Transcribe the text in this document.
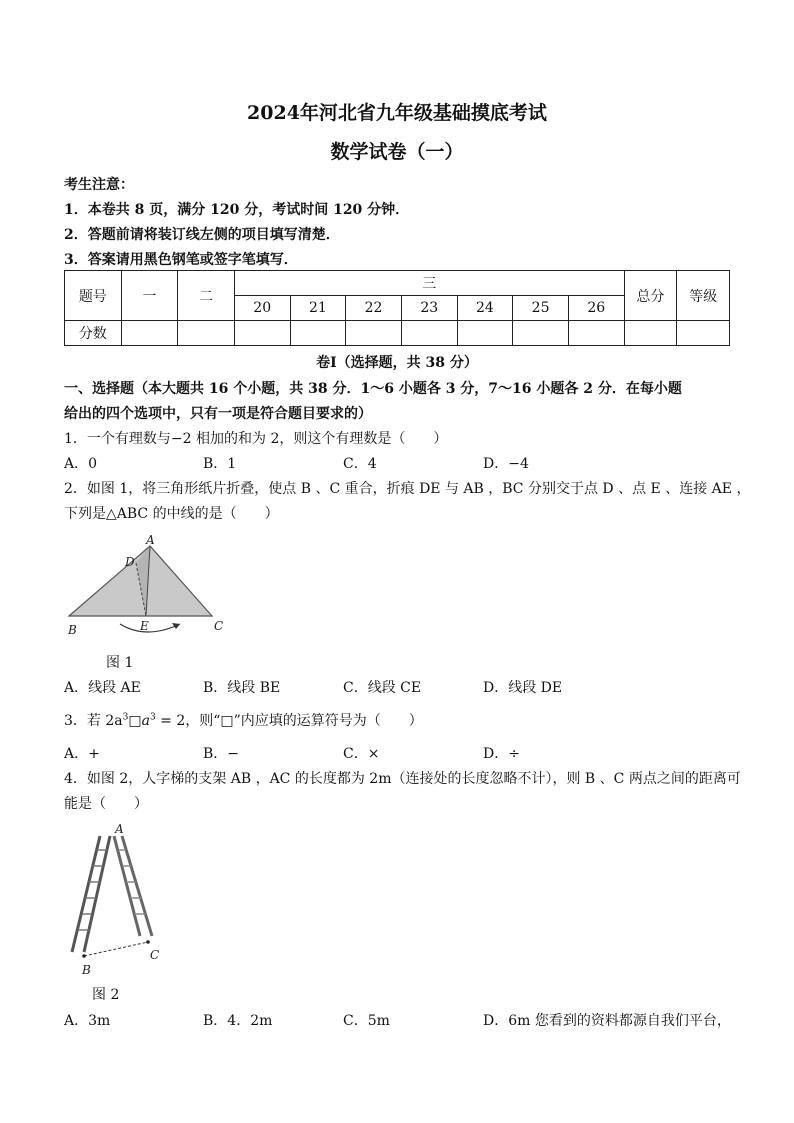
2024年河北省九年级基础摸底考试
数学试卷（一）
考生注意：
1．本卷共 8 页，满分 120 分，考试时间 120 分钟．
2．答题前请将装订线左侧的项目填写清楚．
3．答案请用黑色钢笔或签字笔填写．
题号	一	二	三							总分	等级
			20	21	22	23	24	25	26		
分数											
卷Ⅰ（选择题，共 38 分）
一、选择题（本大题共 16 个小题，共 38 分．1～6 小题各 3 分，7～16 小题各 2 分．在每小题
给出的四个选项中，只有一项是符合题目要求的）
1．一个有理数与−2 相加的和为 2，则这个有理数是（　　）
A．0	B．1	C．4	D．−4
2．如图 1，将三角形纸片折叠，使点 B 、C 重合，折痕 DE 与 AB ，BC 分别交于点 D 、点 E 、连接 AE ，
下列是△ABC 的中线的是（　　）
A
D
B	E	C
图 1
A．线段 AE	B．线段 BE	C．线段 CE	D．线段 DE
3．若 $2a^3□a^3 = 2$，则“□”内应填的运算符号为（　　）
A．+	B．−	C．×	D．÷
4．如图 2，人字梯的支架 AB ，AC 的长度都为 2m（连接处的长度忽略不计），则 B 、C 两点之间的距离可
能是（　　）
A
B
C
图 2
A．3m	B．4．2m	C．5m	D．6m 您看到的资料都源自我们平台，
